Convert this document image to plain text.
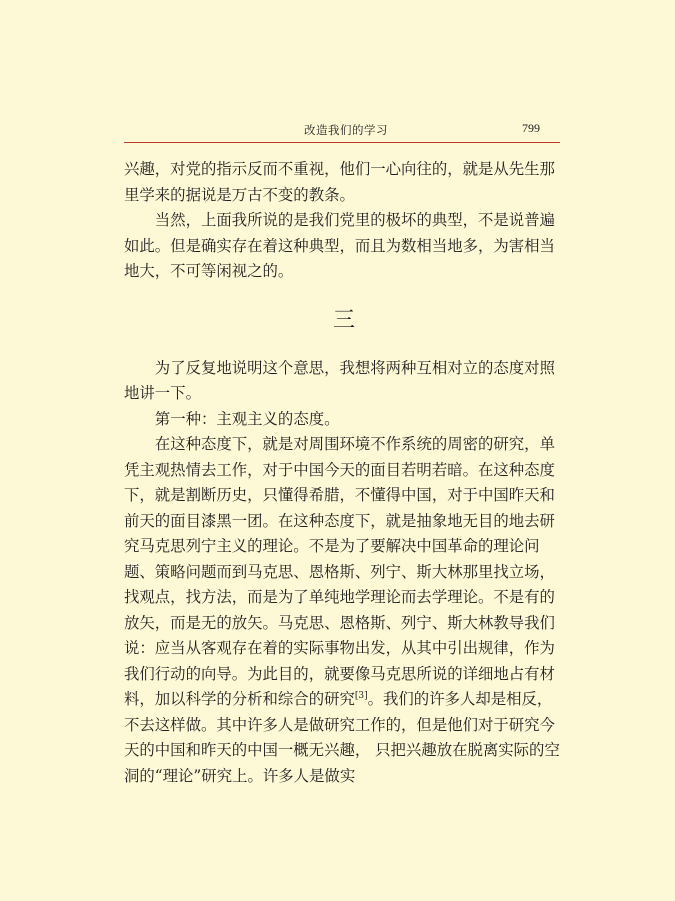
改造我们的学习	799

兴趣，对党的指示反而不重视，他们一心向往的，就是从先生那里学来的据说是万古不变的教条。

当然，上面我所说的是我们党里的极坏的典型，不是说普遍如此。但是确实存在着这种典型，而且为数相当地多，为害相当地大，不可等闲视之的。

三

为了反复地说明这个意思，我想将两种互相对立的态度对照地讲一下。

第一种：主观主义的态度。

在这种态度下，就是对周围环境不作系统的周密的研究，单凭主观热情去工作，对于中国今天的面目若明若暗。在这种态度下，就是割断历史，只懂得希腊，不懂得中国，对于中国昨天和前天的面目漆黑一团。在这种态度下，就是抽象地无目的地去研究马克思列宁主义的理论。不是为了要解决中国革命的理论问题、策略问题而到马克思、恩格斯、列宁、斯大林那里找立场，找观点，找方法，而是为了单纯地学理论而去学理论。不是有的放矢，而是无的放矢。马克思、恩格斯、列宁、斯大林教导我们说：应当从客观存在着的实际事物出发，从其中引出规律，作为我们行动的向导。为此目的，就要像马克思所说的详细地占有材料，加以科学的分析和综合的研究[3]。我们的许多人却是相反，不去这样做。其中许多人是做研究工作的，但是他们对于研究今天的中国和昨天的中国一概无兴趣， 只把兴趣放在脱离实际的空洞的“理论”研究上。许多人是做实
